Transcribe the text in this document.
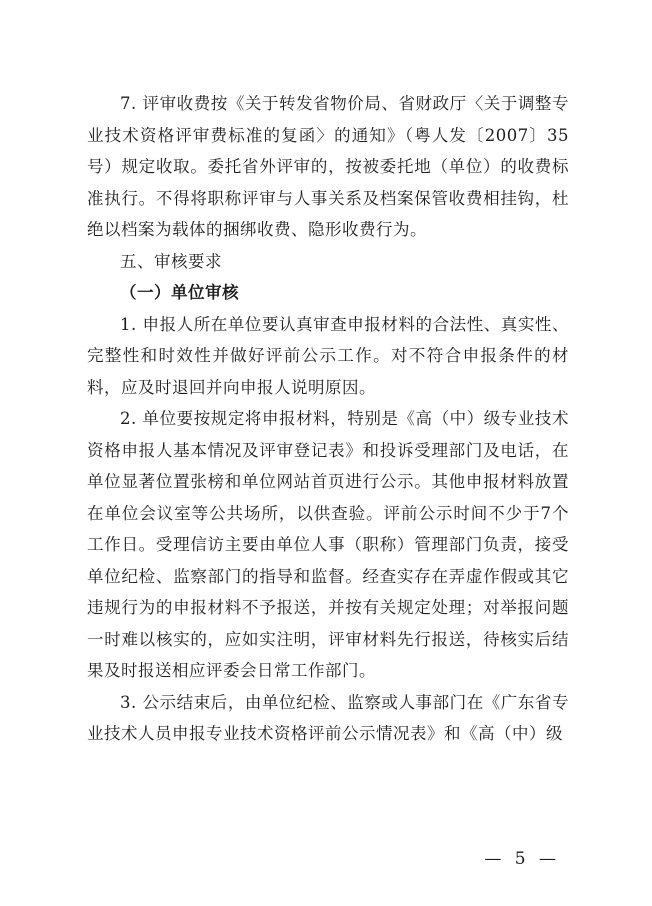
7. 评审收费按《关于转发省物价局、省财政厅〈关于调整专业技术资格评审费标准的复函〉的通知》（粤人发〔2007〕35号）规定收取。委托省外评审的，按被委托地（单位）的收费标准执行。不得将职称评审与人事关系及档案保管收费相挂钩，杜绝以档案为载体的捆绑收费、隐形收费行为。

五、审核要求

（一）单位审核

1. 申报人所在单位要认真审查申报材料的合法性、真实性、完整性和时效性并做好评前公示工作。对不符合申报条件的材料，应及时退回并向申报人说明原因。

2. 单位要按规定将申报材料，特别是《高（中）级专业技术资格申报人基本情况及评审登记表》和投诉受理部门及电话，在单位显著位置张榜和单位网站首页进行公示。其他申报材料放置在单位会议室等公共场所，以供查验。评前公示时间不少于7个工作日。受理信访主要由单位人事（职称）管理部门负责，接受单位纪检、监察部门的指导和监督。经查实存在弄虚作假或其它违规行为的申报材料不予报送，并按有关规定处理；对举报问题一时难以核实的，应如实注明，评审材料先行报送，待核实后结果及时报送相应评委会日常工作部门。

3. 公示结束后，由单位纪检、监察或人事部门在《广东省专业技术人员申报专业技术资格评前公示情况表》和《高（中）级

— 5 —
